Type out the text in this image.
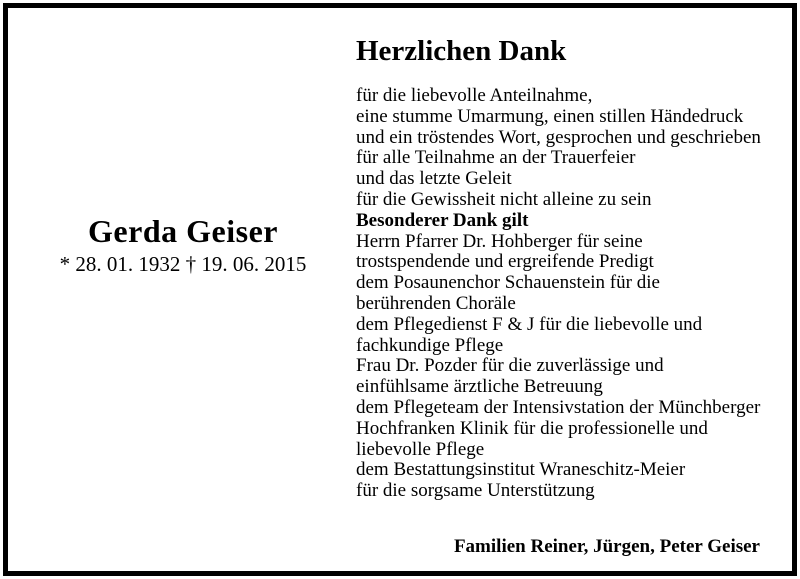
Gerda Geiser
* 28. 01. 1932 † 19. 06. 2015
Herzlichen Dank
für die liebevolle Anteilnahme,
eine stumme Umarmung, einen stillen Händedruck
und ein tröstendes Wort, gesprochen und geschrieben
für alle Teilnahme an der Trauerfeier
und das letzte Geleit
für die Gewissheit nicht alleine zu sein
Besonderer Dank gilt
Herrn Pfarrer Dr. Hohberger für seine
trostspendende und ergreifende Predigt
dem Posaunenchor Schauenstein für die
berührenden Choräle
dem Pflegedienst F & J für die liebevolle und
fachkundige Pflege
Frau Dr. Pozder für die zuverlässige und
einfühlsame ärztliche Betreuung
dem Pflegeteam der Intensivstation der Münchberger
Hochfranken Klinik für die professionelle und
liebevolle Pflege
dem Bestattungsinstitut Wraneschitz-Meier
für die sorgsame Unterstützung
Familien Reiner, Jürgen, Peter Geiser
